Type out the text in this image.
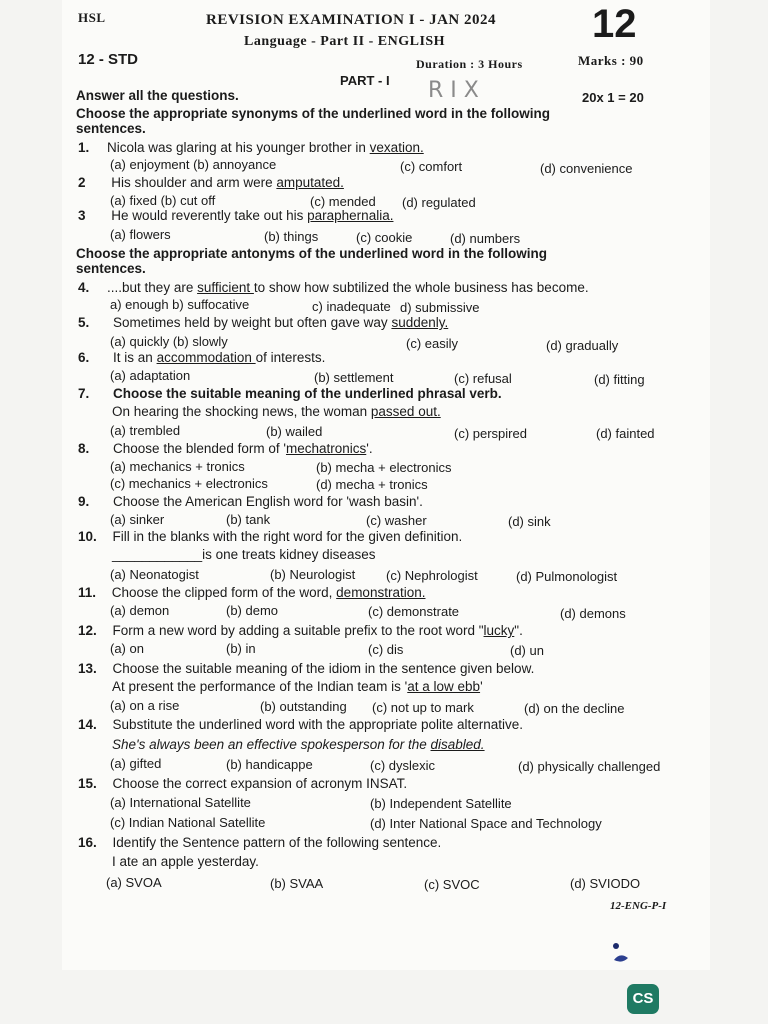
HSL	REVISION EXAMINATION I - JAN 2024 12
Language - Part II - ENGLISH
12 - STD	Duration : 3 Hours	Marks : 90
PART - I R I X	20x 1 = 20
Answer all the questions.
Choose the appropriate synonyms of the underlined word in the following
sentences.
1. Nicola was glaring at his younger brother in vexation.
(a) enjoyment (b) annoyance	(c) comfort	(d) convenience
2 His shoulder and arm were amputated.
(a) fixed (b) cut off	(c) mended (d) regulated
3 He would reverently take out his paraphernalia.
(a) flowers	(b) things	(c) cookie	(d) numbers
Choose the appropriate antonyms of the underlined word in the following
sentences.
4. ....but they are sufficient to show how subtilized the whole business has become.
a) enough b) suffocative	c) inadequate d) submissive
5. Sometimes held by weight but often gave way suddenly.
(a) quickly (b) slowly	(c) easily	(d) gradually
6. It is an accommodation of interests.
(a) adaptation	(b) settlement	(c) refusal	(d) fitting
7. Choose the suitable meaning of the underlined phrasal verb.
On hearing the shocking news, the woman passed out.
(a) trembled	(b) wailed	(c) perspired	(d) fainted
8. Choose the blended form of 'mechatronics'.
(a) mechanics + tronics	(b) mecha + electronics
(c) mechanics + electronics	(d) mecha + tronics
9. Choose the American English word for 'wash basin'.
(a) sinker	(b) tank	(c) washer	(d) sink
10. Fill in the blanks with the right word for the given definition.
____________is one treats kidney diseases
(a) Neonatogist	(b) Neurologist (c) Nephrologist	(d) Pulmonologist
11. Choose the clipped form of the word, demonstration.
(a) demon	(b) demo	(c) demonstrate	(d) demons
12. Form a new word by adding a suitable prefix to the root word "lucky".
(a) on	(b) in	(c) dis	(d) un
13. Choose the suitable meaning of the idiom in the sentence given below.
At present the performance of the Indian team is 'at a low ebb'
(a) on a rise	(b) outstanding (c) not up to mark	(d) on the decline
14. Substitute the underlined word with the appropriate polite alternative.
She's always been an effective spokesperson for the disabled.
(a) gifted	(b) handicappe	(c) dyslexic	(d) physically challenged
15. Choose the correct expansion of acronym INSAT.
(a) International Satellite	(b) Independent Satellite
(c) Indian National Satellite	(d) Inter National Space and Technology
16. Identify the Sentence pattern of the following sentence.
I ate an apple yesterday.
(a) SVOA	(b) SVAA	(c) SVOC	(d) SVIODO
12-ENG-P-I
CS
